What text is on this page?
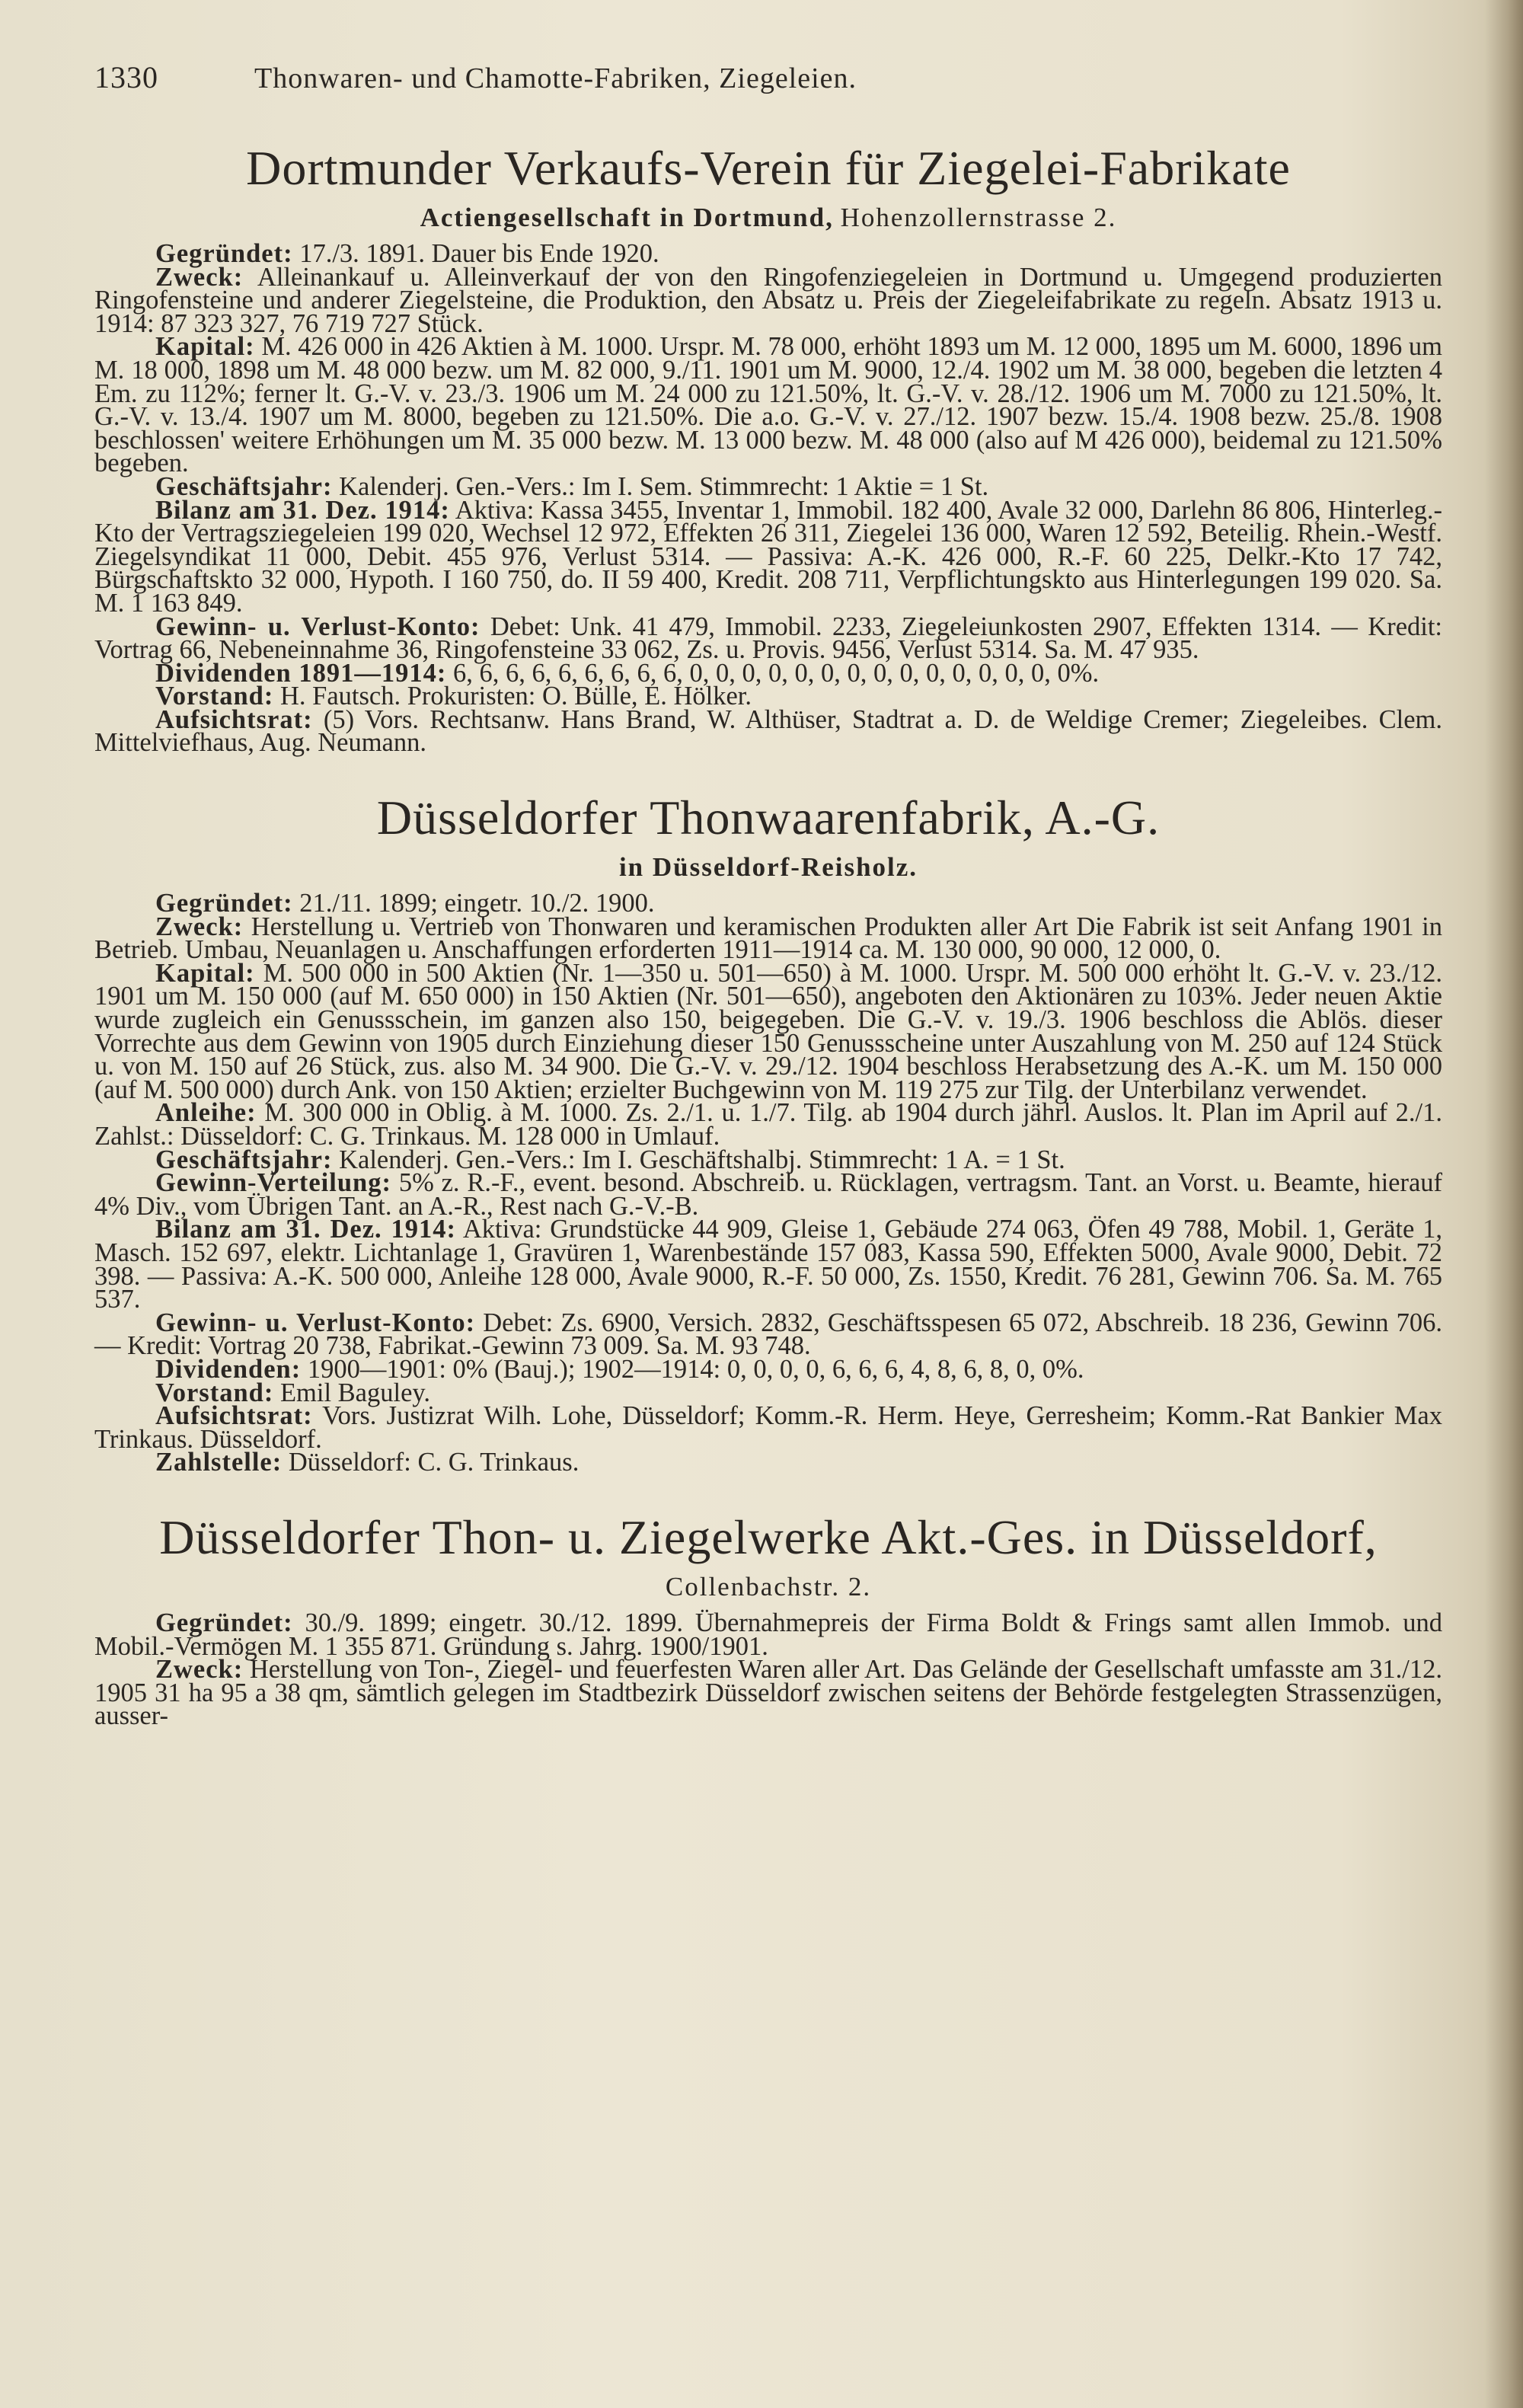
1330	Thonwaren- und Chamotte-Fabriken, Ziegeleien.
Dortmunder Verkaufs-Verein für Ziegelei-Fabrikate
Actiengesellschaft in Dortmund, Hohenzollernstrasse 2.

Gegründet: 17./3. 1891. Dauer bis Ende 1920.

Zweck: Alleinankauf u. Alleinverkauf der von den Ringofenziegeleien in Dortmund u. Umgegend produzierten Ringofensteine und anderer Ziegelsteine, die Produktion, den Absatz u. Preis der Ziegeleifabrikate zu regeln. Absatz 1913 u. 1914: 87 323 327, 76 719 727 Stück.

Kapital: M. 426 000 in 426 Aktien à M. 1000. Urspr. M. 78 000, erhöht 1893 um M. 12 000, 1895 um M. 6000, 1896 um M. 18 000, 1898 um M. 48 000 bezw. um M. 82 000, 9./11. 1901 um M. 9000, 12./4. 1902 um M. 38 000, begeben die letzten 4 Em. zu 112%; ferner lt. G.-V. v. 23./3. 1906 um M. 24 000 zu 121.50%, lt. G.-V. v. 28./12. 1906 um M. 7000 zu 121.50%, lt. G.-V. v. 13./4. 1907 um M. 8000, begeben zu 121.50%. Die a.o. G.-V. v. 27./12. 1907 bezw. 15./4. 1908 bezw. 25./8. 1908 beschlossen' weitere Erhöhungen um M. 35 000 bezw. M. 13 000 bezw. M. 48 000 (also auf M 426 000), beidemal zu 121.50% begeben.

Geschäftsjahr: Kalenderj. Gen.-Vers.: Im I. Sem. Stimmrecht: 1 Aktie = 1 St.

Bilanz am 31. Dez. 1914: Aktiva: Kassa 3455, Inventar 1, Immobil. 182 400, Avale 32 000, Darlehn 86 806, Hinterleg.-Kto der Vertragsziegeleien 199 020, Wechsel 12 972, Effekten 26 311, Ziegelei 136 000, Waren 12 592, Beteilig. Rhein.-Westf. Ziegelsyndikat 11 000, Debit. 455 976, Verlust 5314. — Passiva: A.-K. 426 000, R.-F. 60 225, Delkr.-Kto 17 742, Bürgschaftskto 32 000, Hypoth. I 160 750, do. II 59 400, Kredit. 208 711, Verpflichtungskto aus Hinterlegungen 199 020. Sa. M. 1 163 849.

Gewinn- u. Verlust-Konto: Debet: Unk. 41 479, Immobil. 2233, Ziegeleiunkosten 2907, Effekten 1314. — Kredit: Vortrag 66, Nebeneinnahme 36, Ringofensteine 33 062, Zs. u. Provis. 9456, Verlust 5314. Sa. M. 47 935.

Dividenden 1891—1914: 6, 6, 6, 6, 6, 6, 6, 6, 6, 0, 0, 0, 0, 0, 0, 0, 0, 0, 0, 0, 0, 0, 0, 0%.

Vorstand: H. Fautsch. Prokuristen: O. Bülle, E. Hölker.

Aufsichtsrat: (5) Vors. Rechtsanw. Hans Brand, W. Althüser, Stadtrat a. D. de Weldige Cremer; Ziegeleibes. Clem. Mittelviefhaus, Aug. Neumann.

Düsseldorfer Thonwaarenfabrik, A.-G.
in Düsseldorf-Reisholz.

Gegründet: 21./11. 1899; eingetr. 10./2. 1900.

Zweck: Herstellung u. Vertrieb von Thonwaren und keramischen Produkten aller Art Die Fabrik ist seit Anfang 1901 in Betrieb. Umbau, Neuanlagen u. Anschaffungen erforderten 1911—1914 ca. M. 130 000, 90 000, 12 000, 0.

Kapital: M. 500 000 in 500 Aktien (Nr. 1—350 u. 501—650) à M. 1000. Urspr. M. 500 000 erhöht lt. G.-V. v. 23./12. 1901 um M. 150 000 (auf M. 650 000) in 150 Aktien (Nr. 501—650), angeboten den Aktionären zu 103%. Jeder neuen Aktie wurde zugleich ein Genussschein, im ganzen also 150, beigegeben. Die G.-V. v. 19./3. 1906 beschloss die Ablös. dieser Vorrechte aus dem Gewinn von 1905 durch Einziehung dieser 150 Genussscheine unter Auszahlung von M. 250 auf 124 Stück u. von M. 150 auf 26 Stück, zus. also M. 34 900. Die G.-V. v. 29./12. 1904 beschloss Herabsetzung des A.-K. um M. 150 000 (auf M. 500 000) durch Ank. von 150 Aktien; erzielter Buchgewinn von M. 119 275 zur Tilg. der Unterbilanz verwendet.

Anleihe: M. 300 000 in Oblig. à M. 1000. Zs. 2./1. u. 1./7. Tilg. ab 1904 durch jährl. Auslos. lt. Plan im April auf 2./1. Zahlst.: Düsseldorf: C. G. Trinkaus. M. 128 000 in Umlauf.

Geschäftsjahr: Kalenderj. Gen.-Vers.: Im I. Geschäftshalbj. Stimmrecht: 1 A. = 1 St.

Gewinn-Verteilung: 5% z. R.-F., event. besond. Abschreib. u. Rücklagen, vertragsm. Tant. an Vorst. u. Beamte, hierauf 4% Div., vom Übrigen Tant. an A.-R., Rest nach G.-V.-B.

Bilanz am 31. Dez. 1914: Aktiva: Grundstücke 44 909, Gleise 1, Gebäude 274 063, Öfen 49 788, Mobil. 1, Geräte 1, Masch. 152 697, elektr. Lichtanlage 1, Gravüren 1, Warenbestände 157 083, Kassa 590, Effekten 5000, Avale 9000, Debit. 72 398. — Passiva: A.-K. 500 000, Anleihe 128 000, Avale 9000, R.-F. 50 000, Zs. 1550, Kredit. 76 281, Gewinn 706. Sa. M. 765 537.

Gewinn- u. Verlust-Konto: Debet: Zs. 6900, Versich. 2832, Geschäftsspesen 65 072, Abschreib. 18 236, Gewinn 706. — Kredit: Vortrag 20 738, Fabrikat.-Gewinn 73 009. Sa. M. 93 748.

Dividenden: 1900—1901: 0% (Bauj.); 1902—1914: 0, 0, 0, 0, 6, 6, 6, 4, 8, 6, 8, 0, 0%.

Vorstand: Emil Baguley.

Aufsichtsrat: Vors. Justizrat Wilh. Lohe, Düsseldorf; Komm.-R. Herm. Heye, Gerresheim; Komm.-Rat Bankier Max Trinkaus. Düsseldorf.

Zahlstelle: Düsseldorf: C. G. Trinkaus.

Düsseldorfer Thon- u. Ziegelwerke Akt.-Ges. in Düsseldorf,
Collenbachstr. 2.

Gegründet: 30./9. 1899; eingetr. 30./12. 1899. Übernahmepreis der Firma Boldt & Frings samt allen Immob. und Mobil.-Vermögen M. 1 355 871. Gründung s. Jahrg. 1900/1901.

Zweck: Herstellung von Ton-, Ziegel- und feuerfesten Waren aller Art. Das Gelände der Gesellschaft umfasste am 31./12. 1905 31 ha 95 a 38 qm, sämtlich gelegen im Stadtbezirk Düsseldorf zwischen seitens der Behörde festgelegten Strassenzügen, ausser-
